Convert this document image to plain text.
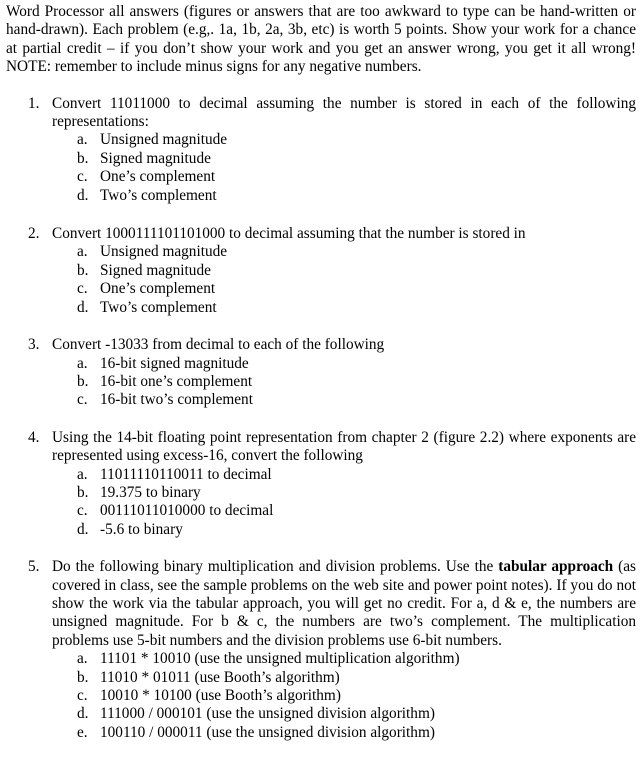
Word Processor all answers (figures or answers that are too awkward to type can be hand-written or hand-drawn). Each problem (e.g,. 1a, 1b, 2a, 3b, etc) is worth 5 points. Show your work for a chance at partial credit – if you don’t show your work and you get an answer wrong, you get it all wrong! NOTE: remember to include minus signs for any negative numbers.

1. Convert 11011000 to decimal assuming the number is stored in each of the following representations:
a. Unsigned magnitude
b. Signed magnitude
c. One’s complement
d. Two’s complement
2. Convert 1000111101101000 to decimal assuming that the number is stored in
a. Unsigned magnitude
b. Signed magnitude
c. One’s complement
d. Two’s complement
3. Convert -13033 from decimal to each of the following
a. 16-bit signed magnitude
b. 16-bit one’s complement
c. 16-bit two’s complement
4. Using the 14-bit floating point representation from chapter 2 (figure 2.2) where exponents are represented using excess-16, convert the following
a. 11011110110011 to decimal
b. 19.375 to binary
c. 00111011010000 to decimal
d. -5.6 to binary
5. Do the following binary multiplication and division problems. Use the tabular approach (as covered in class, see the sample problems on the web site and power point notes). If you do not show the work via the tabular approach, you will get no credit. For a, d & e, the numbers are unsigned magnitude. For b & c, the numbers are two’s complement. The multiplication problems use 5-bit numbers and the division problems use 6-bit numbers.
a. 11101 * 10010 (use the unsigned multiplication algorithm)
b. 11010 * 01011 (use Booth’s algorithm)
c. 10010 * 10100 (use Booth’s algorithm)
d. 111000 / 000101 (use the unsigned division algorithm)
e. 100110 / 000011 (use the unsigned division algorithm)
